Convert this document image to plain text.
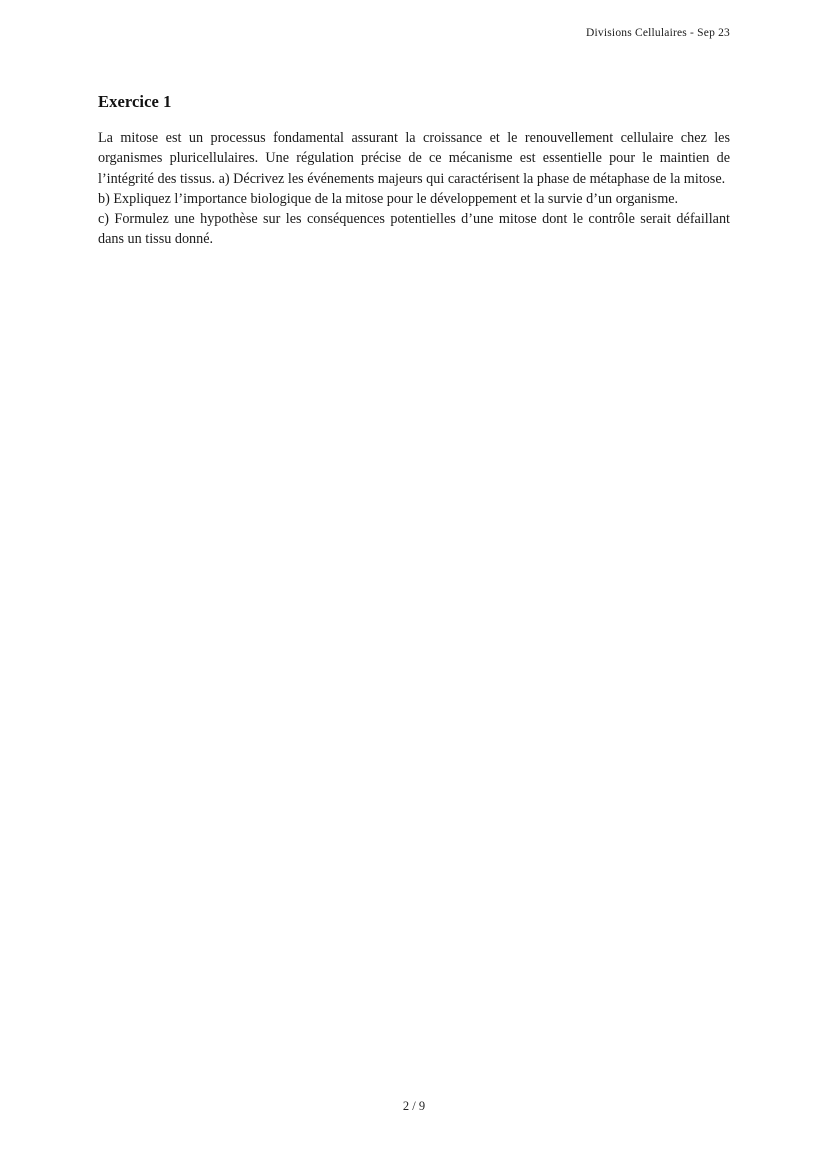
Divisions Cellulaires - Sep 23
Exercice 1

La mitose est un processus fondamental assurant la croissance et le renouvellement cellulaire chez les organismes pluricellulaires. Une régulation précise de ce mécanisme est essentielle pour le maintien de l’intégrité des tissus. a) Décrivez les événements majeurs qui caractérisent la phase de métaphase de la mitose.

b) Expliquez l’importance biologique de la mitose pour le développement et la survie d’un organisme.

c) Formulez une hypothèse sur les conséquences potentielles d’une mitose dont le contrôle serait défaillant dans un tissu donné.

2 / 9
